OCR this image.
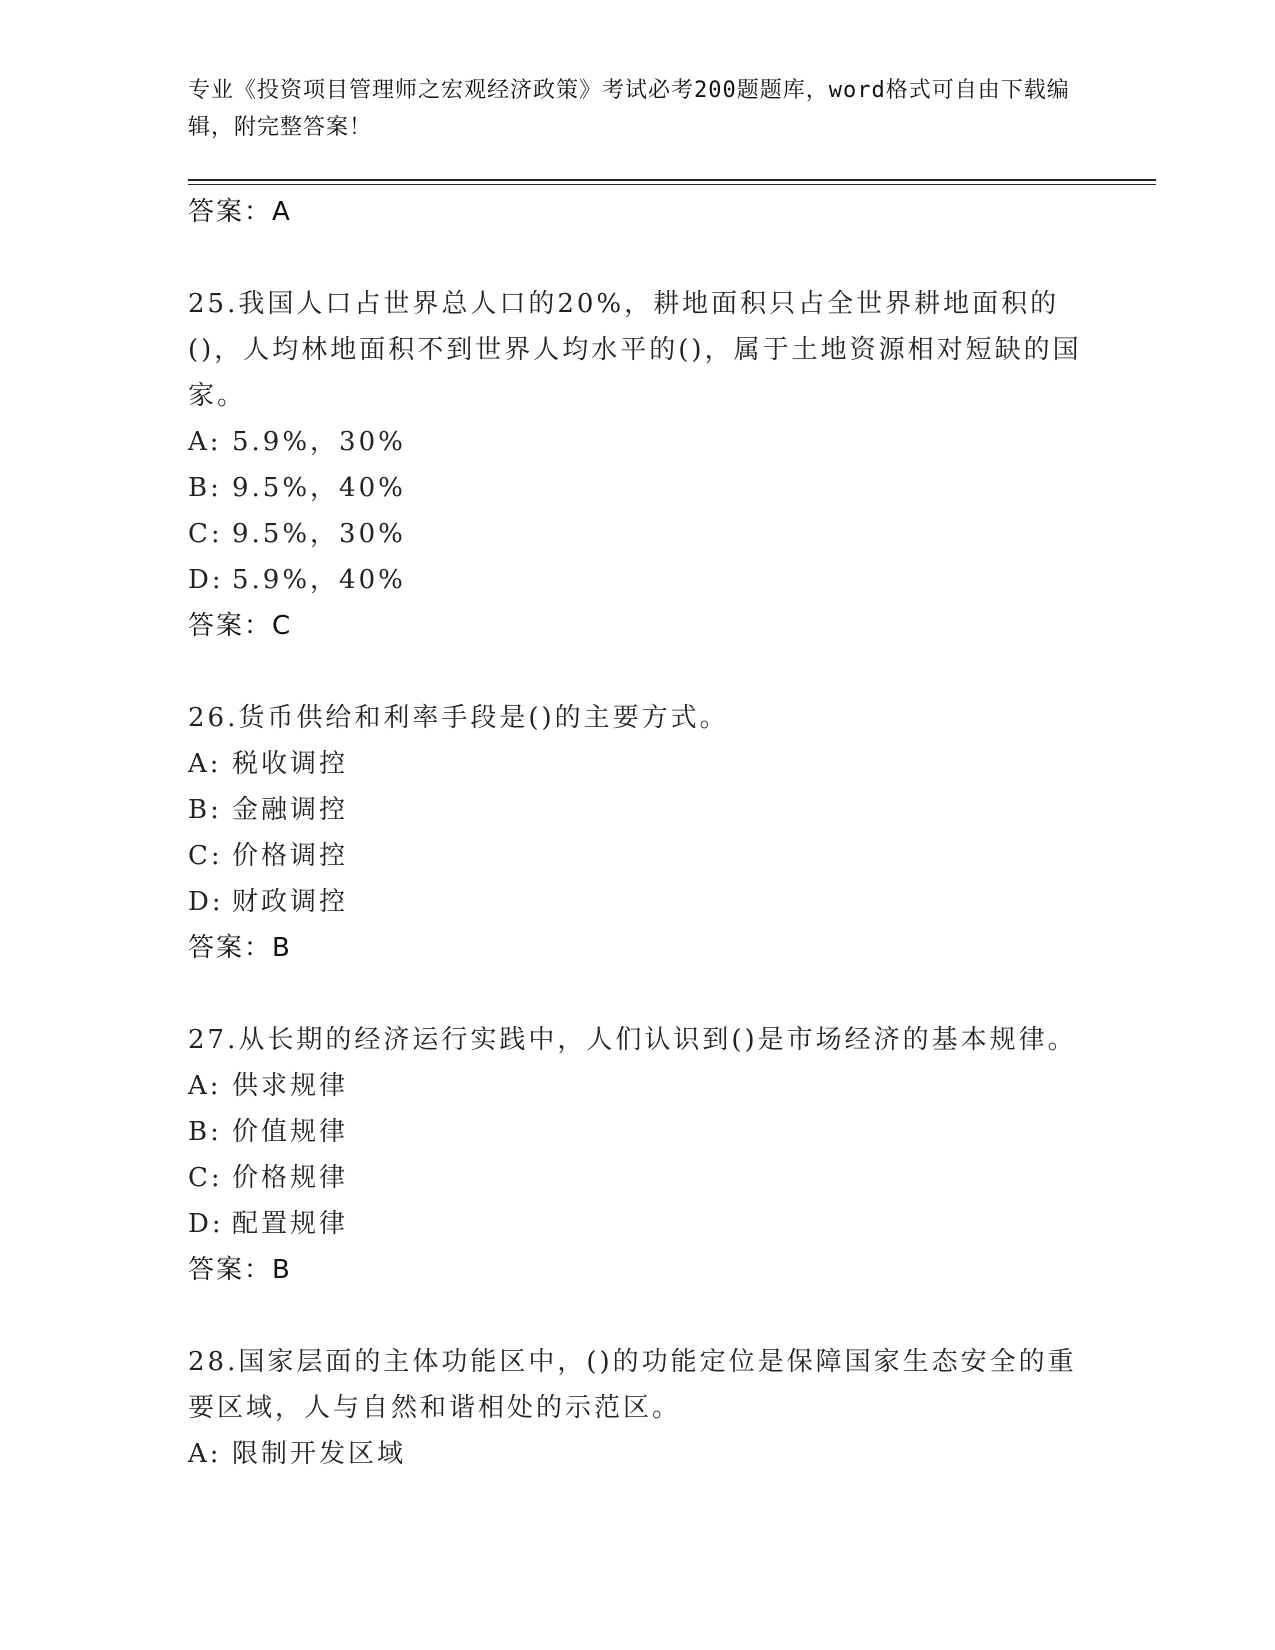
专业《投资项目管理师之宏观经济政策》考试必考200题题库，word格式可自由下载编辑，附完整答案！
答案：A
25.我国人口占世界总人口的20%，耕地面积只占全世界耕地面积的()，人均林地面积不到世界人均水平的()，属于土地资源相对短缺的国家。
A: 5.9%，30%
B: 9.5%，40%
C: 9.5%，30%
D: 5.9%，40%
答案：C
26.货币供给和利率手段是()的主要方式。
A: 税收调控
B: 金融调控
C: 价格调控
D: 财政调控
答案：B
27.从长期的经济运行实践中，人们认识到()是市场经济的基本规律。
A: 供求规律
B: 价值规律
C: 价格规律
D: 配置规律
答案：B
28.国家层面的主体功能区中，()的功能定位是保障国家生态安全的重要区域，人与自然和谐相处的示范区。
A: 限制开发区域
